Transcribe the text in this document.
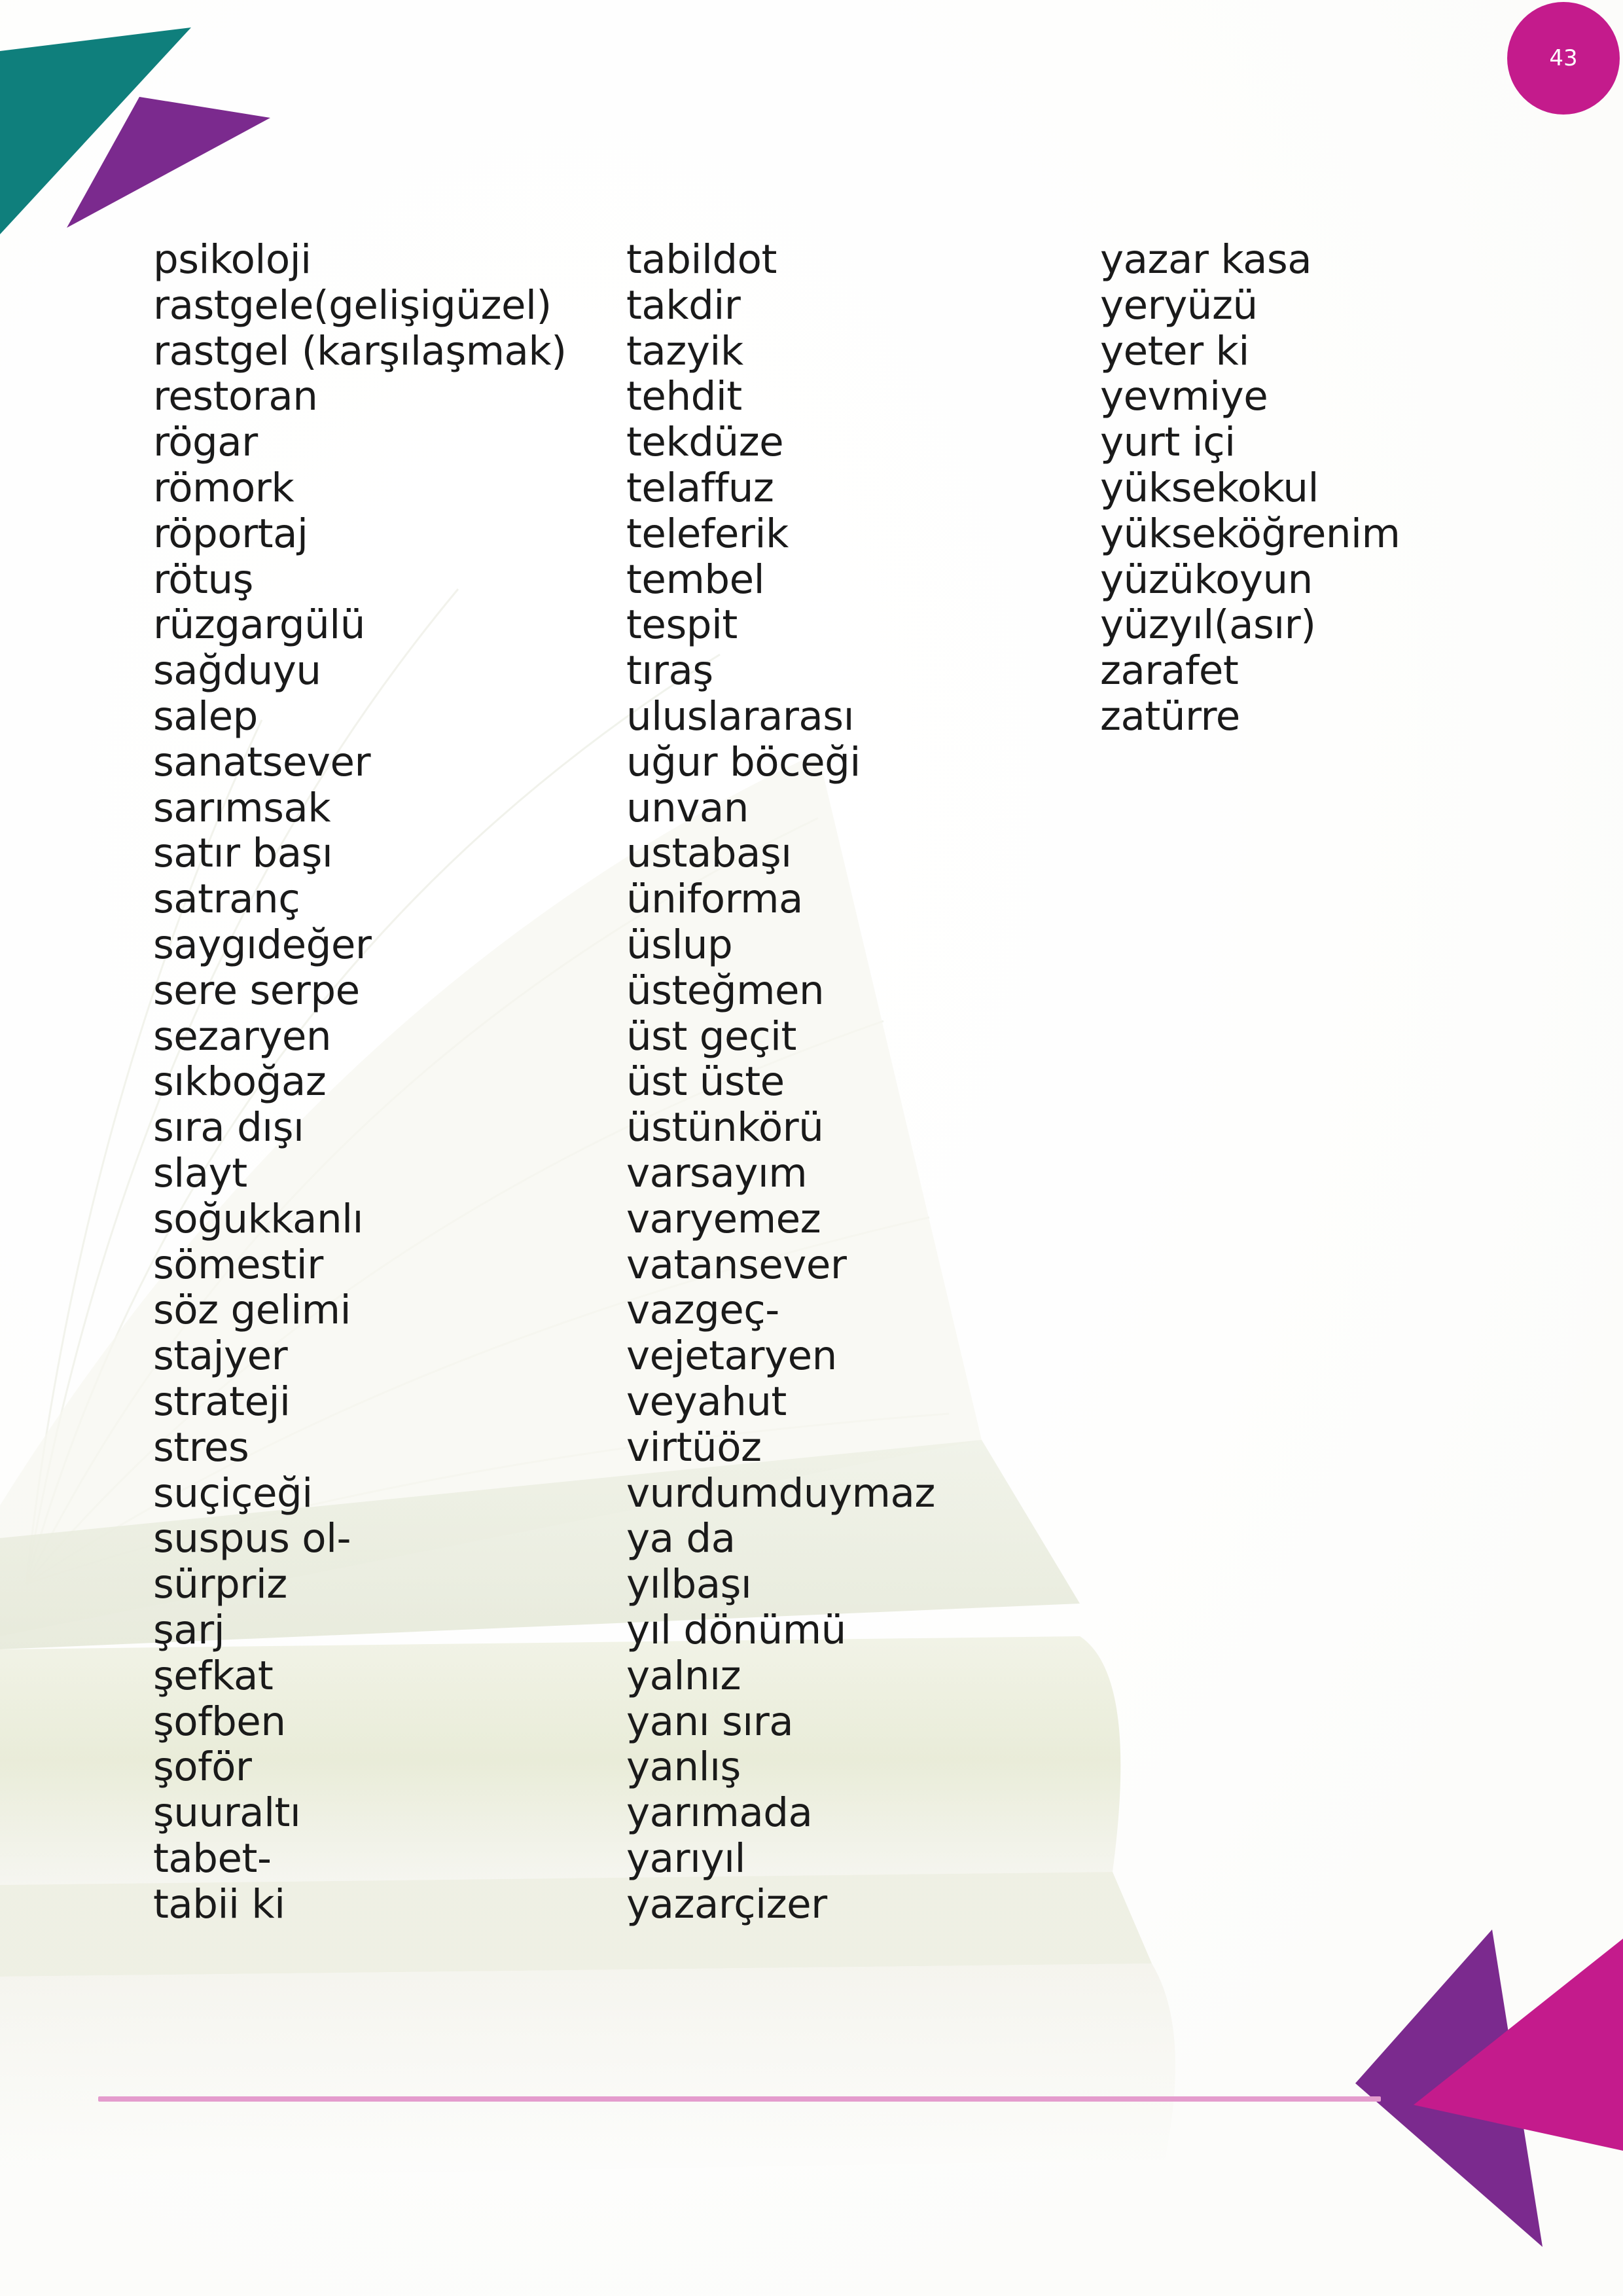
43
psikoloji
rastgele(gelişigüzel)
rastgel (karşılaşmak)
restoran
rögar
römork
röportaj
rötuş
rüzgargülü
sağduyu
salep
sanatsever
sarımsak
satır başı
satranç
saygıdeğer
sere serpe
sezaryen
sıkboğaz
sıra dışı
slayt
soğukkanlı
sömestir
söz gelimi
stajyer
strateji
stres
suçiçeği
suspus ol-
sürpriz
şarj
şefkat
şofben
şoför
şuuraltı
tabet-
tabii ki
tabildot
takdir
tazyik
tehdit
tekdüze
telaffuz
teleferik
tembel
tespit
tıraş
uluslararası
uğur böceği
unvan
ustabaşı
üniforma
üslup
üsteğmen
üst geçit
üst üste
üstünkörü
varsayım
varyemez
vatansever
vazgeç-
vejetaryen
veyahut
virtüöz
vurdumduymaz
ya da
yılbaşı
yıl dönümü
yalnız
yanı sıra
yanlış
yarımada
yarıyıl
yazarçizer
yazar kasa
yeryüzü
yeter ki
yevmiye
yurt içi
yüksekokul
yükseköğrenim
yüzükoyun
yüzyıl(asır)
zarafet
zatürre
